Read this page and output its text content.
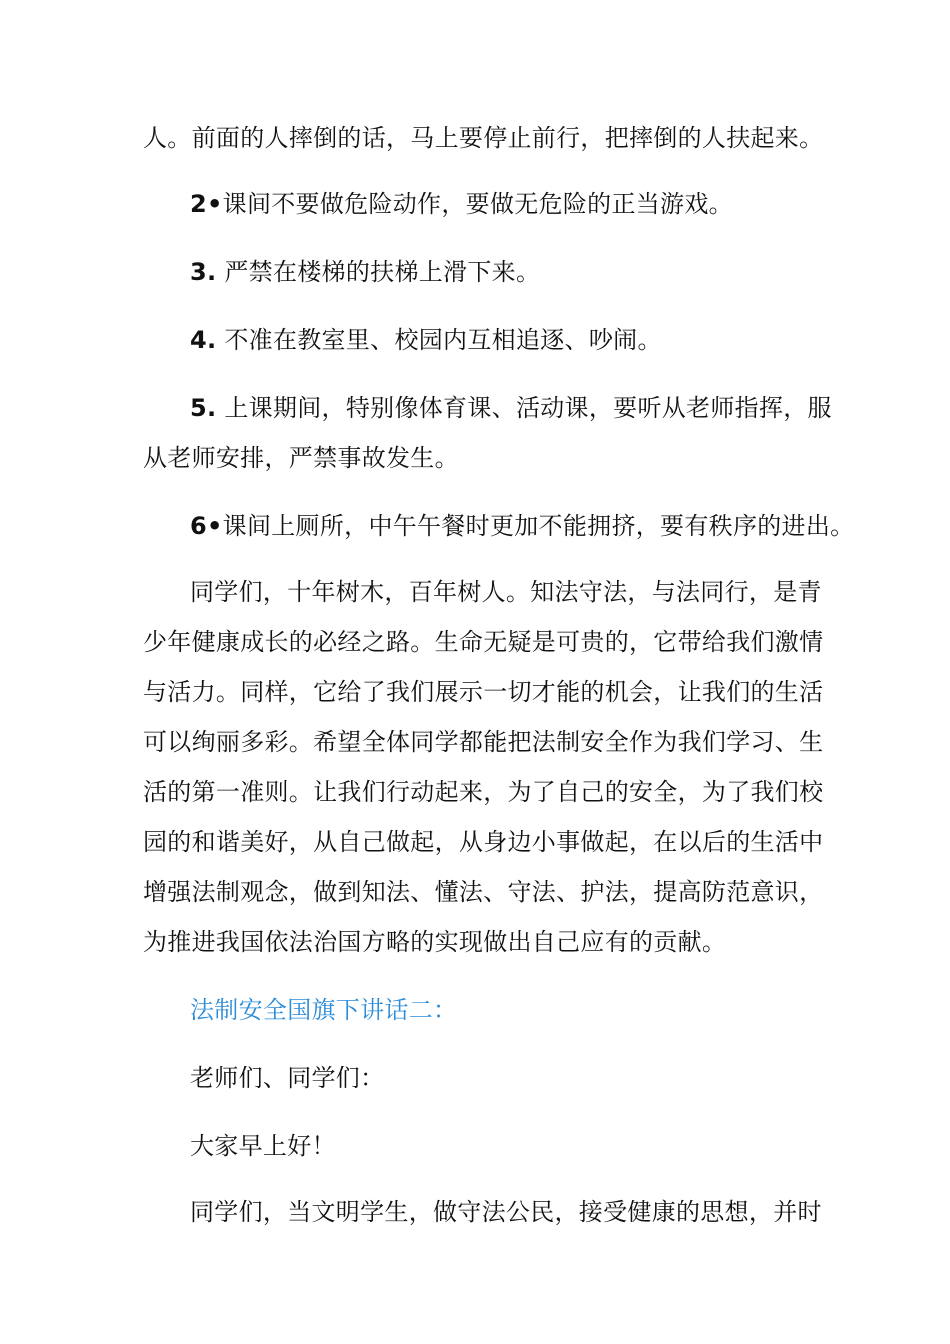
人。前面的人摔倒的话，马上要停止前行，把摔倒的人扶起来。
2•课间不要做危险动作，要做无危险的正当游戏。
3. 严禁在楼梯的扶梯上滑下来。
4. 不准在教室里、校园内互相追逐、吵闹。
5. 上课期间，特别像体育课、活动课，要听从老师指挥，服
从老师安排，严禁事故发生。
6•课间上厕所，中午午餐时更加不能拥挤，要有秩序的进出。
同学们，十年树木，百年树人。知法守法，与法同行，是青
少年健康成长的必经之路。生命无疑是可贵的，它带给我们激情
与活力。同样，它给了我们展示一切才能的机会，让我们的生活
可以绚丽多彩。希望全体同学都能把法制安全作为我们学习、生
活的第一准则。让我们行动起来，为了自己的安全，为了我们校
园的和谐美好，从自己做起，从身边小事做起，在以后的生活中
增强法制观念，做到知法、懂法、守法、护法，提高防范意识，
为推进我国依法治国方略的实现做出自己应有的贡献。
法制安全国旗下讲话二：
老师们、同学们：
大家早上好！
同学们，当文明学生，做守法公民，接受健康的思想，并时
